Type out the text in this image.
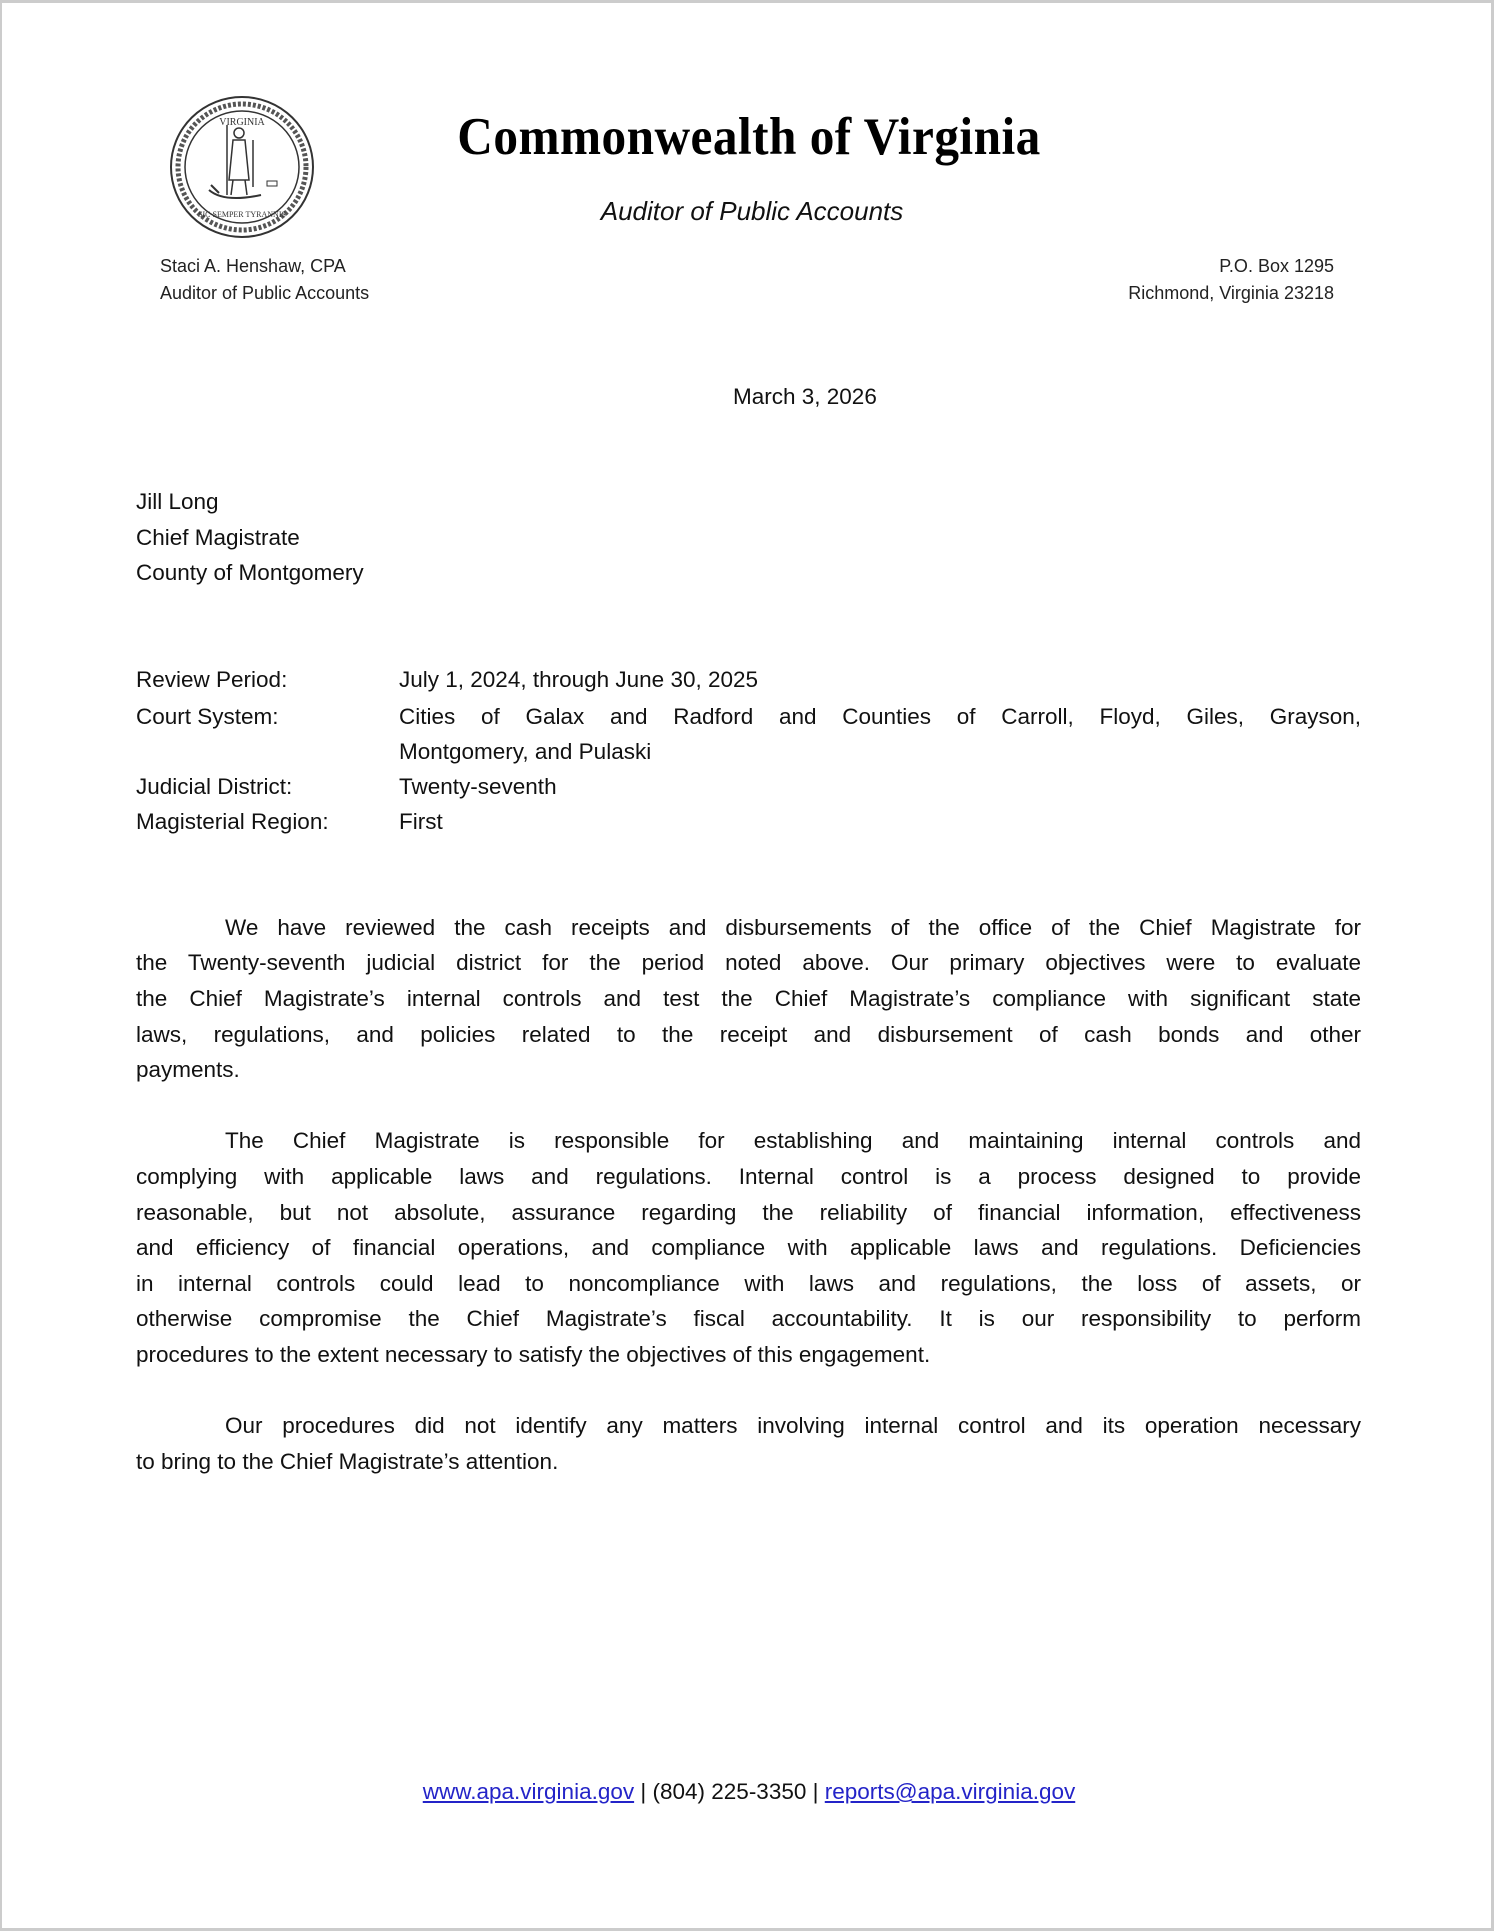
VIRGINIA
SIC SEMPER TYRANNIS
Commonwealth of Virginia
Auditor of Public Accounts
Staci A. Henshaw, CPA
Auditor of Public Accounts
P.O. Box 1295
Richmond, Virginia 23218
March 3, 2026
Jill Long
Chief Magistrate
County of Montgomery
Review Period:	July 1, 2024, through June 30, 2025
Court System:	Cities of Galax and Radford and Counties of Carroll, Floyd, Giles, Grayson,
Montgomery, and Pulaski
Judicial District:	Twenty-seventh
Magisterial Region:	First
We have reviewed the cash receipts and disbursements of the office of the Chief Magistrate for
the Twenty-seventh judicial district for the period noted above. Our primary objectives were to evaluate
the Chief Magistrate’s internal controls and test the Chief Magistrate’s compliance with significant state
laws, regulations, and policies related to the receipt and disbursement of cash bonds and other
payments.
The Chief Magistrate is responsible for establishing and maintaining internal controls and
complying with applicable laws and regulations. Internal control is a process designed to provide
reasonable, but not absolute, assurance regarding the reliability of financial information, effectiveness
and efficiency of financial operations, and compliance with applicable laws and regulations. Deficiencies
in internal controls could lead to noncompliance with laws and regulations, the loss of assets, or
otherwise compromise the Chief Magistrate’s fiscal accountability. It is our responsibility to perform
procedures to the extent necessary to satisfy the objectives of this engagement.
Our procedures did not identify any matters involving internal control and its operation necessary
to bring to the Chief Magistrate’s attention.
www.apa.virginia.gov | (804) 225-3350 | reports@apa.virginia.gov
